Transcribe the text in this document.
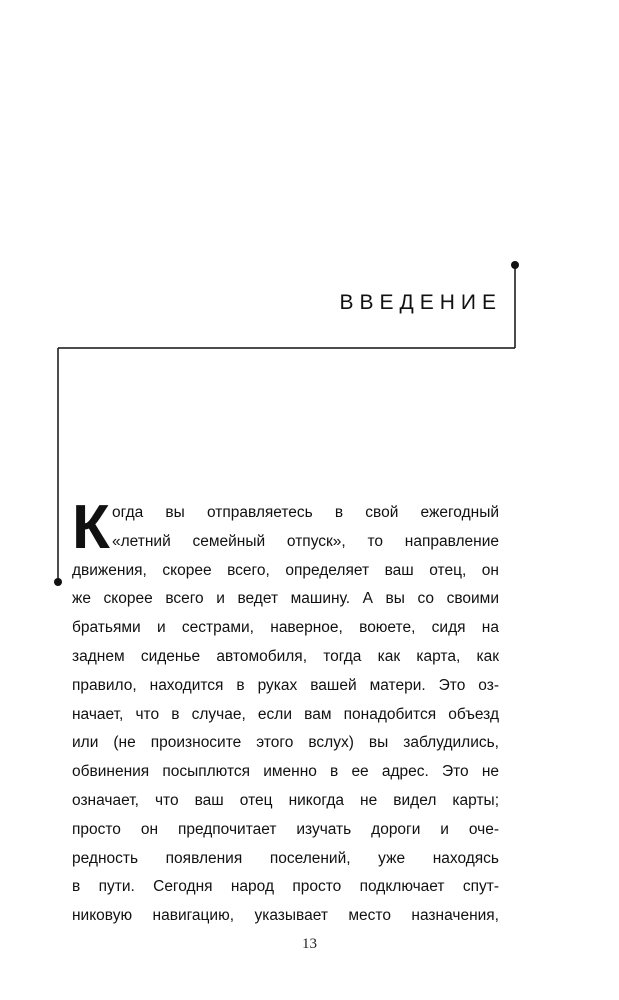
ВВЕДЕНИЕ
К огда вы отправляетесь в свой ежегодный
«летний семейный отпуск», то направление
движения, скорее всего, определяет ваш отец, он
же скорее всего и ведет машину. А вы со своими
братьями и сестрами, наверное, воюете, сидя на
заднем сиденье автомобиля, тогда как карта, как
правило, находится в руках вашей матери. Это оз-
начает, что в случае, если вам понадобится объезд
или (не произносите этого вслух) вы заблудились,
обвинения посыплются именно в ее адрес. Это не
означает, что ваш отец никогда не видел карты;
просто он предпочитает изучать дороги и оче-
редность появления поселений, уже находясь
в пути. Сегодня народ просто подключает спут-
никовую навигацию, указывает место назначения,
13
